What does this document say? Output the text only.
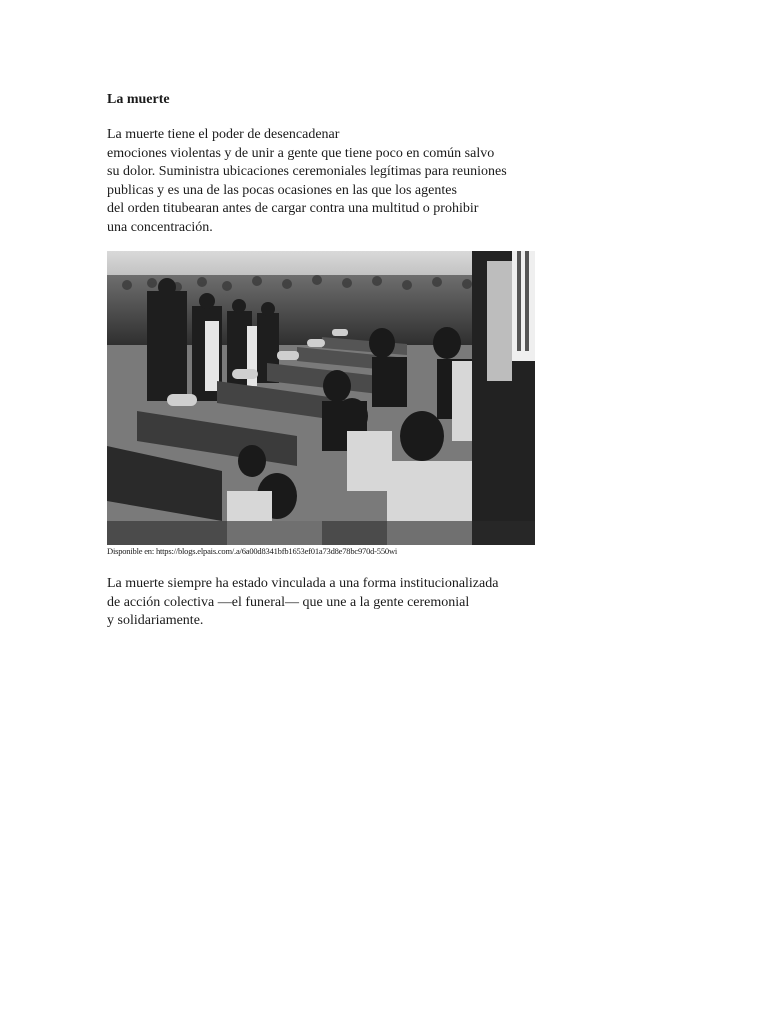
La muerte
La muerte tiene el poder de desencadenar
emociones violentas y de unir a gente que tiene poco en común salvo
su dolor. Suministra ubicaciones ceremoniales legítimas para reuniones
publicas y es una de las pocas ocasiones en las que los agentes
del orden titubearan antes de cargar contra una multitud o prohibir
una concentración.
Disponible en: https://blogs.elpais.com/.a/6a00d8341bfb1653ef01a73d8e78bc970d-550wi
La muerte siempre ha estado vinculada a una forma institucionalizada
de acción colectiva —el funeral— que une a la gente ceremonial
y solidariamente.
